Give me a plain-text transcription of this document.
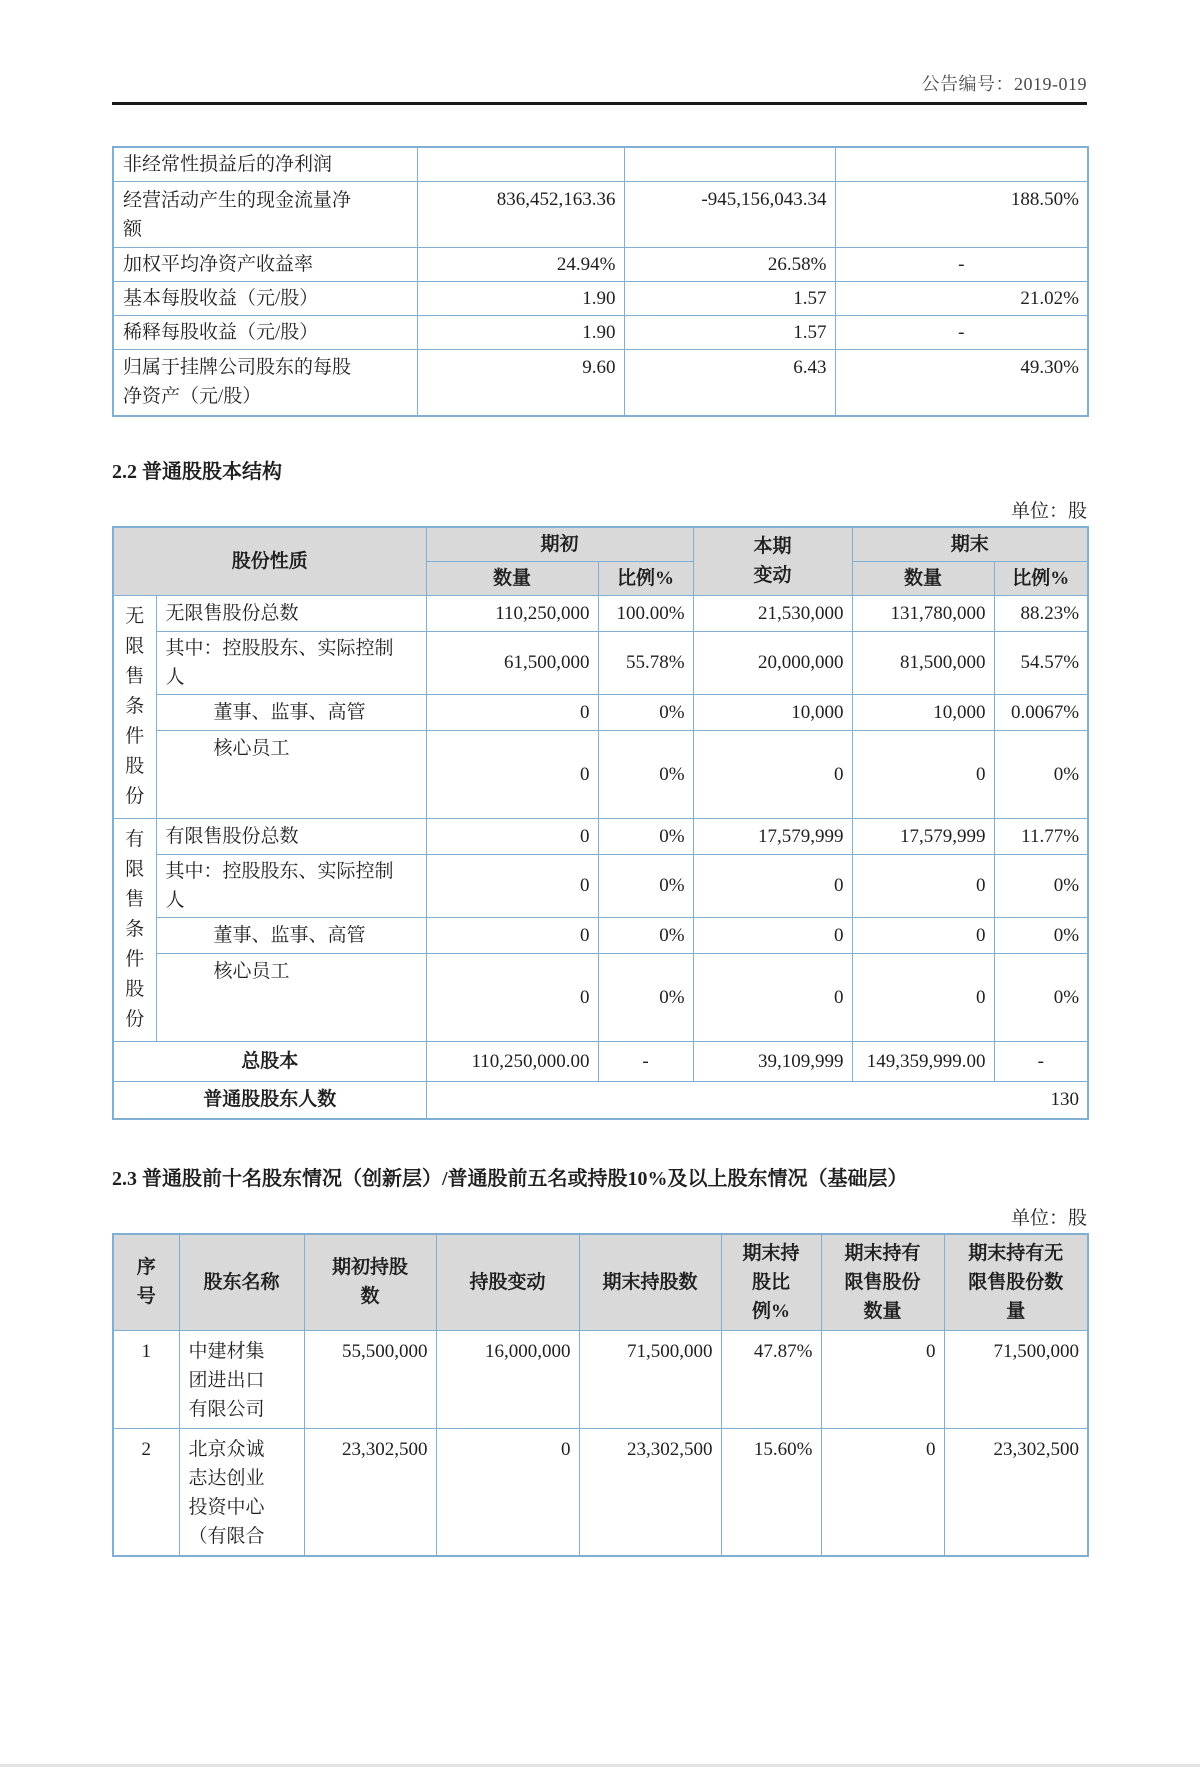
公告编号：2019-019
非经常性损益后的净利润			

经营活动产生的现金流量净额	836,452,163.36	-945,156,043.34	188.50%

加权平均净资产收益率	24.94%	26.58%	-

基本每股收益（元/股）	1.90	1.57	21.02%

稀释每股收益（元/股）	1.90	1.57	-

归属于挂牌公司股东的每股净资产（元/股）	9.60	6.43	49.30%
2.2 普通股股本结构
单位：股
股份性质		期初		本期变动	期末	
		数量	比例%		数量	比例%

无限售条件股份	无限售股份总数	110,250,000	100.00%	21,530,000	131,780,000	88.23%

	其中：控股股东、实际控制人	61,500,000	55.78%	20,000,000	81,500,000	54.57%
	董事、监事、高管	0	0%	10,000	10,000	0.0067%
	核心员工	0	0%	0	0	0%

有限售条件股份	有限售股份总数	0	0%	17,579,999	17,579,999	11.77%

	其中：控股股东、实际控制人	0	0%	0	0	0%
	董事、监事、高管	0	0%	0	0	0%
	核心员工	0	0%	0	0	0%
总股本		110,250,000.00	-	39,109,999	149,359,999.00	-
普通股股东人数		130				
2.3 普通股前十名股东情况（创新层）/普通股前五名或持股10%及以上股东情况（基础层）
单位：股
序号	股东名称	期初持股数	持股变动	期末持股数	期末持股比例%	期末持有限售股份数量	期末持有无限售股份数量

1	中建材集团进出口有限公司	55,500,000	16,000,000	71,500,000	47.87%	0	71,500,000
2	北京众诚志达创业投资中心（有限合	23,302,500	0	23,302,500	15.60%	0	23,302,500
